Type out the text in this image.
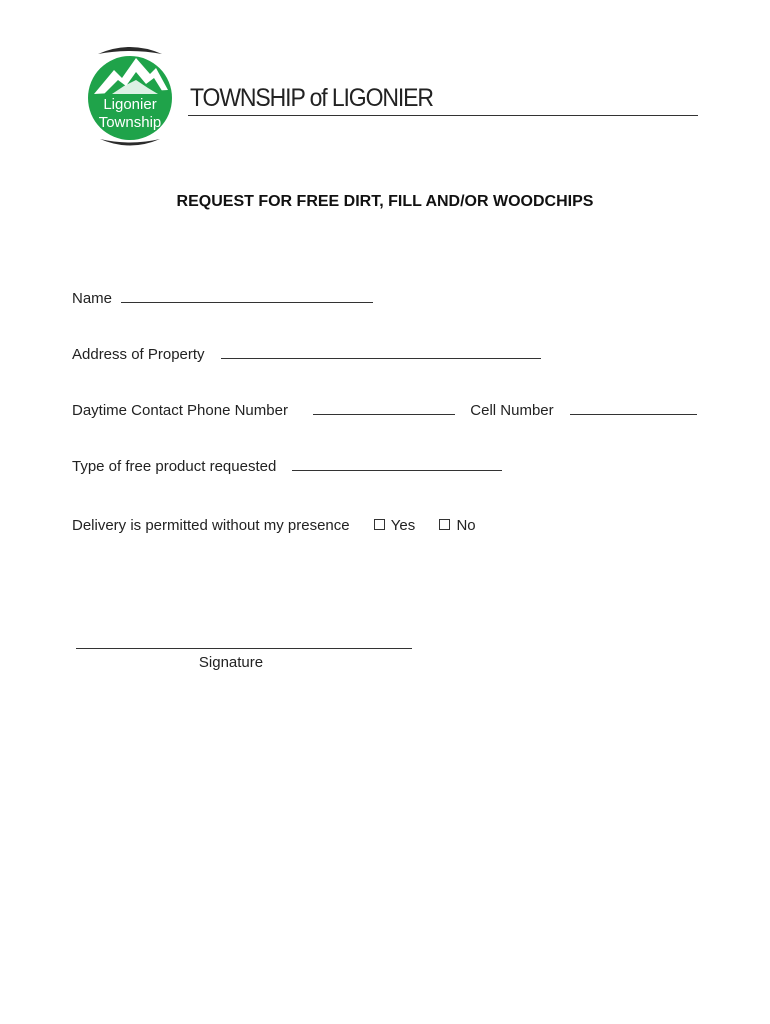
Ligonier
Township
TOWNSHIP of LIGONIER
REQUEST FOR FREE DIRT, FILL AND/OR WOODCHIPS
Name
Address of Property
Daytime Contact Phone Number	Cell Number
Type of free product requested
Delivery is permitted without my presence	Yes	No
Signature
